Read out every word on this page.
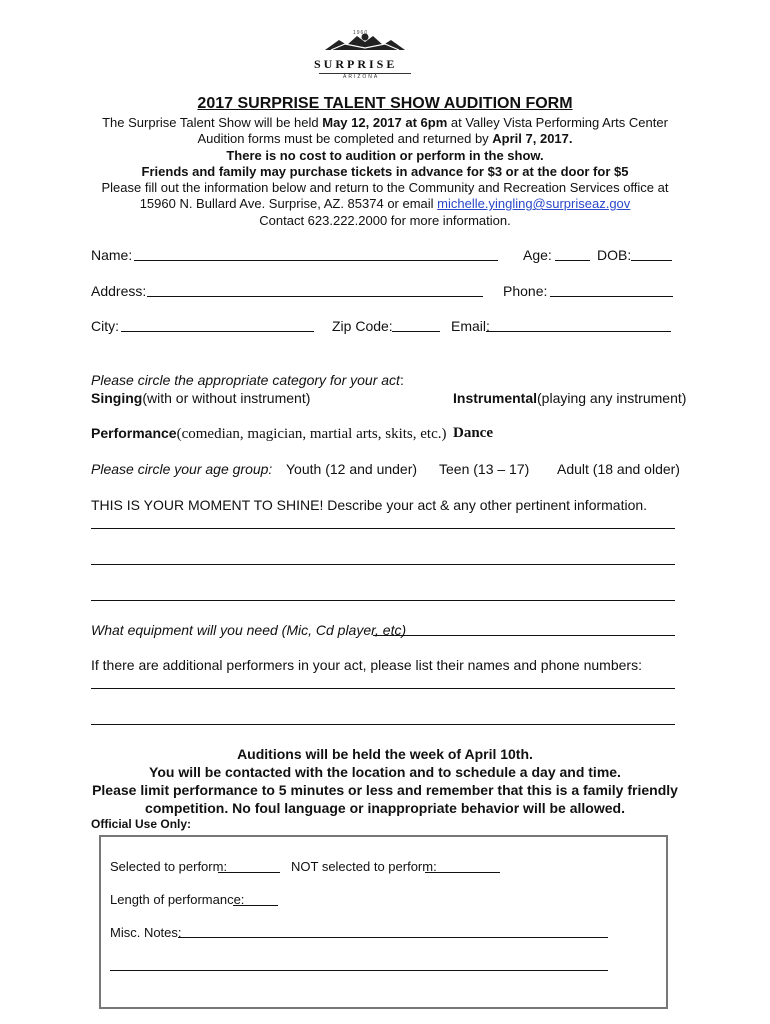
1960
SURPRISE
ARIZONA
2017 SURPRISE TALENT SHOW AUDITION FORM
The Surprise Talent Show will be held May 12, 2017 at 6pm at Valley Vista Performing Arts Center
Audition forms must be completed and returned by April 7, 2017.
There is no cost to audition or perform in the show.
Friends and family may purchase tickets in advance for $3 or at the door for $5
Please fill out the information below and return to the Community and Recreation Services office at
15960 N. Bullard Ave. Surprise, AZ. 85374 or email michelle.yingling@surpriseaz.gov
Contact 623.222.2000 for more information.
Name:	Age:	DOB:
Address:	Phone:
City:	Zip Code:	Email:
Please circle the appropriate category for your act:
Singing(with or without instrument)	Instrumental(playing any instrument)
Performance(comedian, magician, martial arts, skits, etc.) Dance
Please circle your age group: Youth (12 and under) Teen (13 – 17) Adult (18 and older)
THIS IS YOUR MOMENT TO SHINE! Describe your act & any other pertinent information.
What equipment will you need (Mic, Cd player, etc)
If there are additional performers in your act, please list their names and phone numbers:
Auditions will be held the week of April 10th.
You will be contacted with the location and to schedule a day and time.
Please limit performance to 5 minutes or less and remember that this is a family friendly
competition. No foul language or inappropriate behavior will be allowed.
Official Use Only:
Selected to perform:	NOT selected to perform:
Length of performance:
Misc. Notes:
